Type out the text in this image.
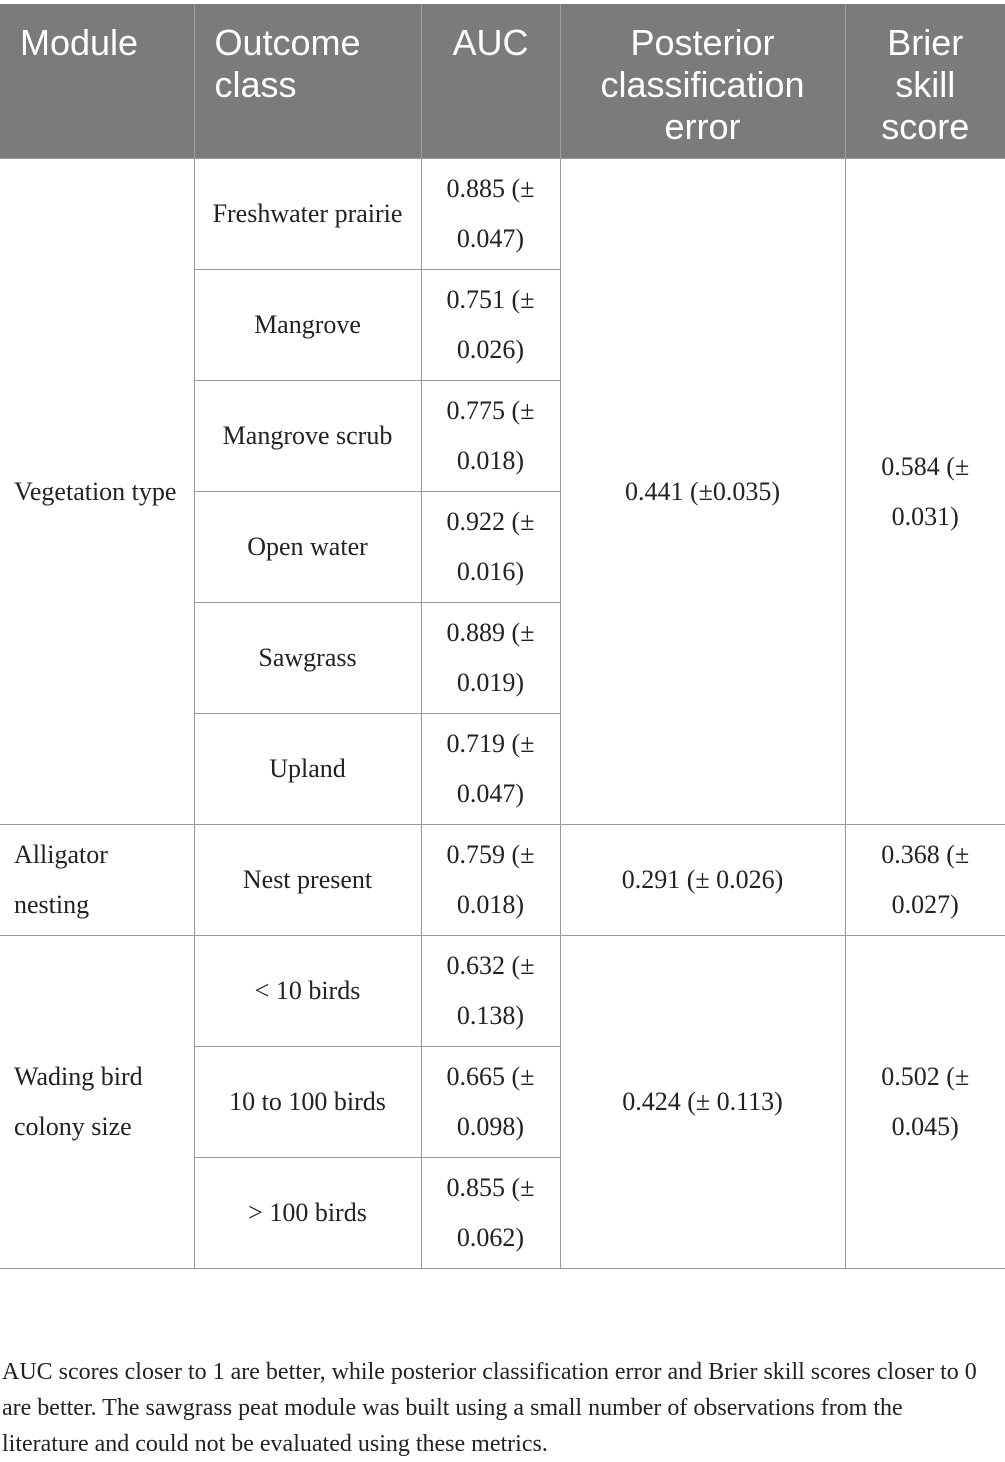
Module	Outcome class	AUC	Posterior classification error	Brier skill score
Vegetation type	Freshwater prairie	0.885 (± 0.047)	0.441 (±0.035)	0.584 (± 0.031)
	Mangrove	0.751 (± 0.026)		
	Mangrove scrub	0.775 (± 0.018)		
	Open water	0.922 (± 0.016)		
	Sawgrass	0.889 (± 0.019)		
	Upland	0.719 (± 0.047)		
Alligator nesting	Nest present	0.759 (± 0.018)	0.291 (± 0.026)	0.368 (± 0.027)
Wading bird colony size	< 10 birds	0.632 (± 0.138)	0.424 (± 0.113)	0.502 (± 0.045)
	10 to 100 birds	0.665 (± 0.098)		
	> 100 birds	0.855 (± 0.062)		

AUC scores closer to 1 are better, while posterior classification error and Brier skill scores closer to 0 are better. The sawgrass peat module was built using a small number of observations from the literature and could not be evaluated using these metrics.
